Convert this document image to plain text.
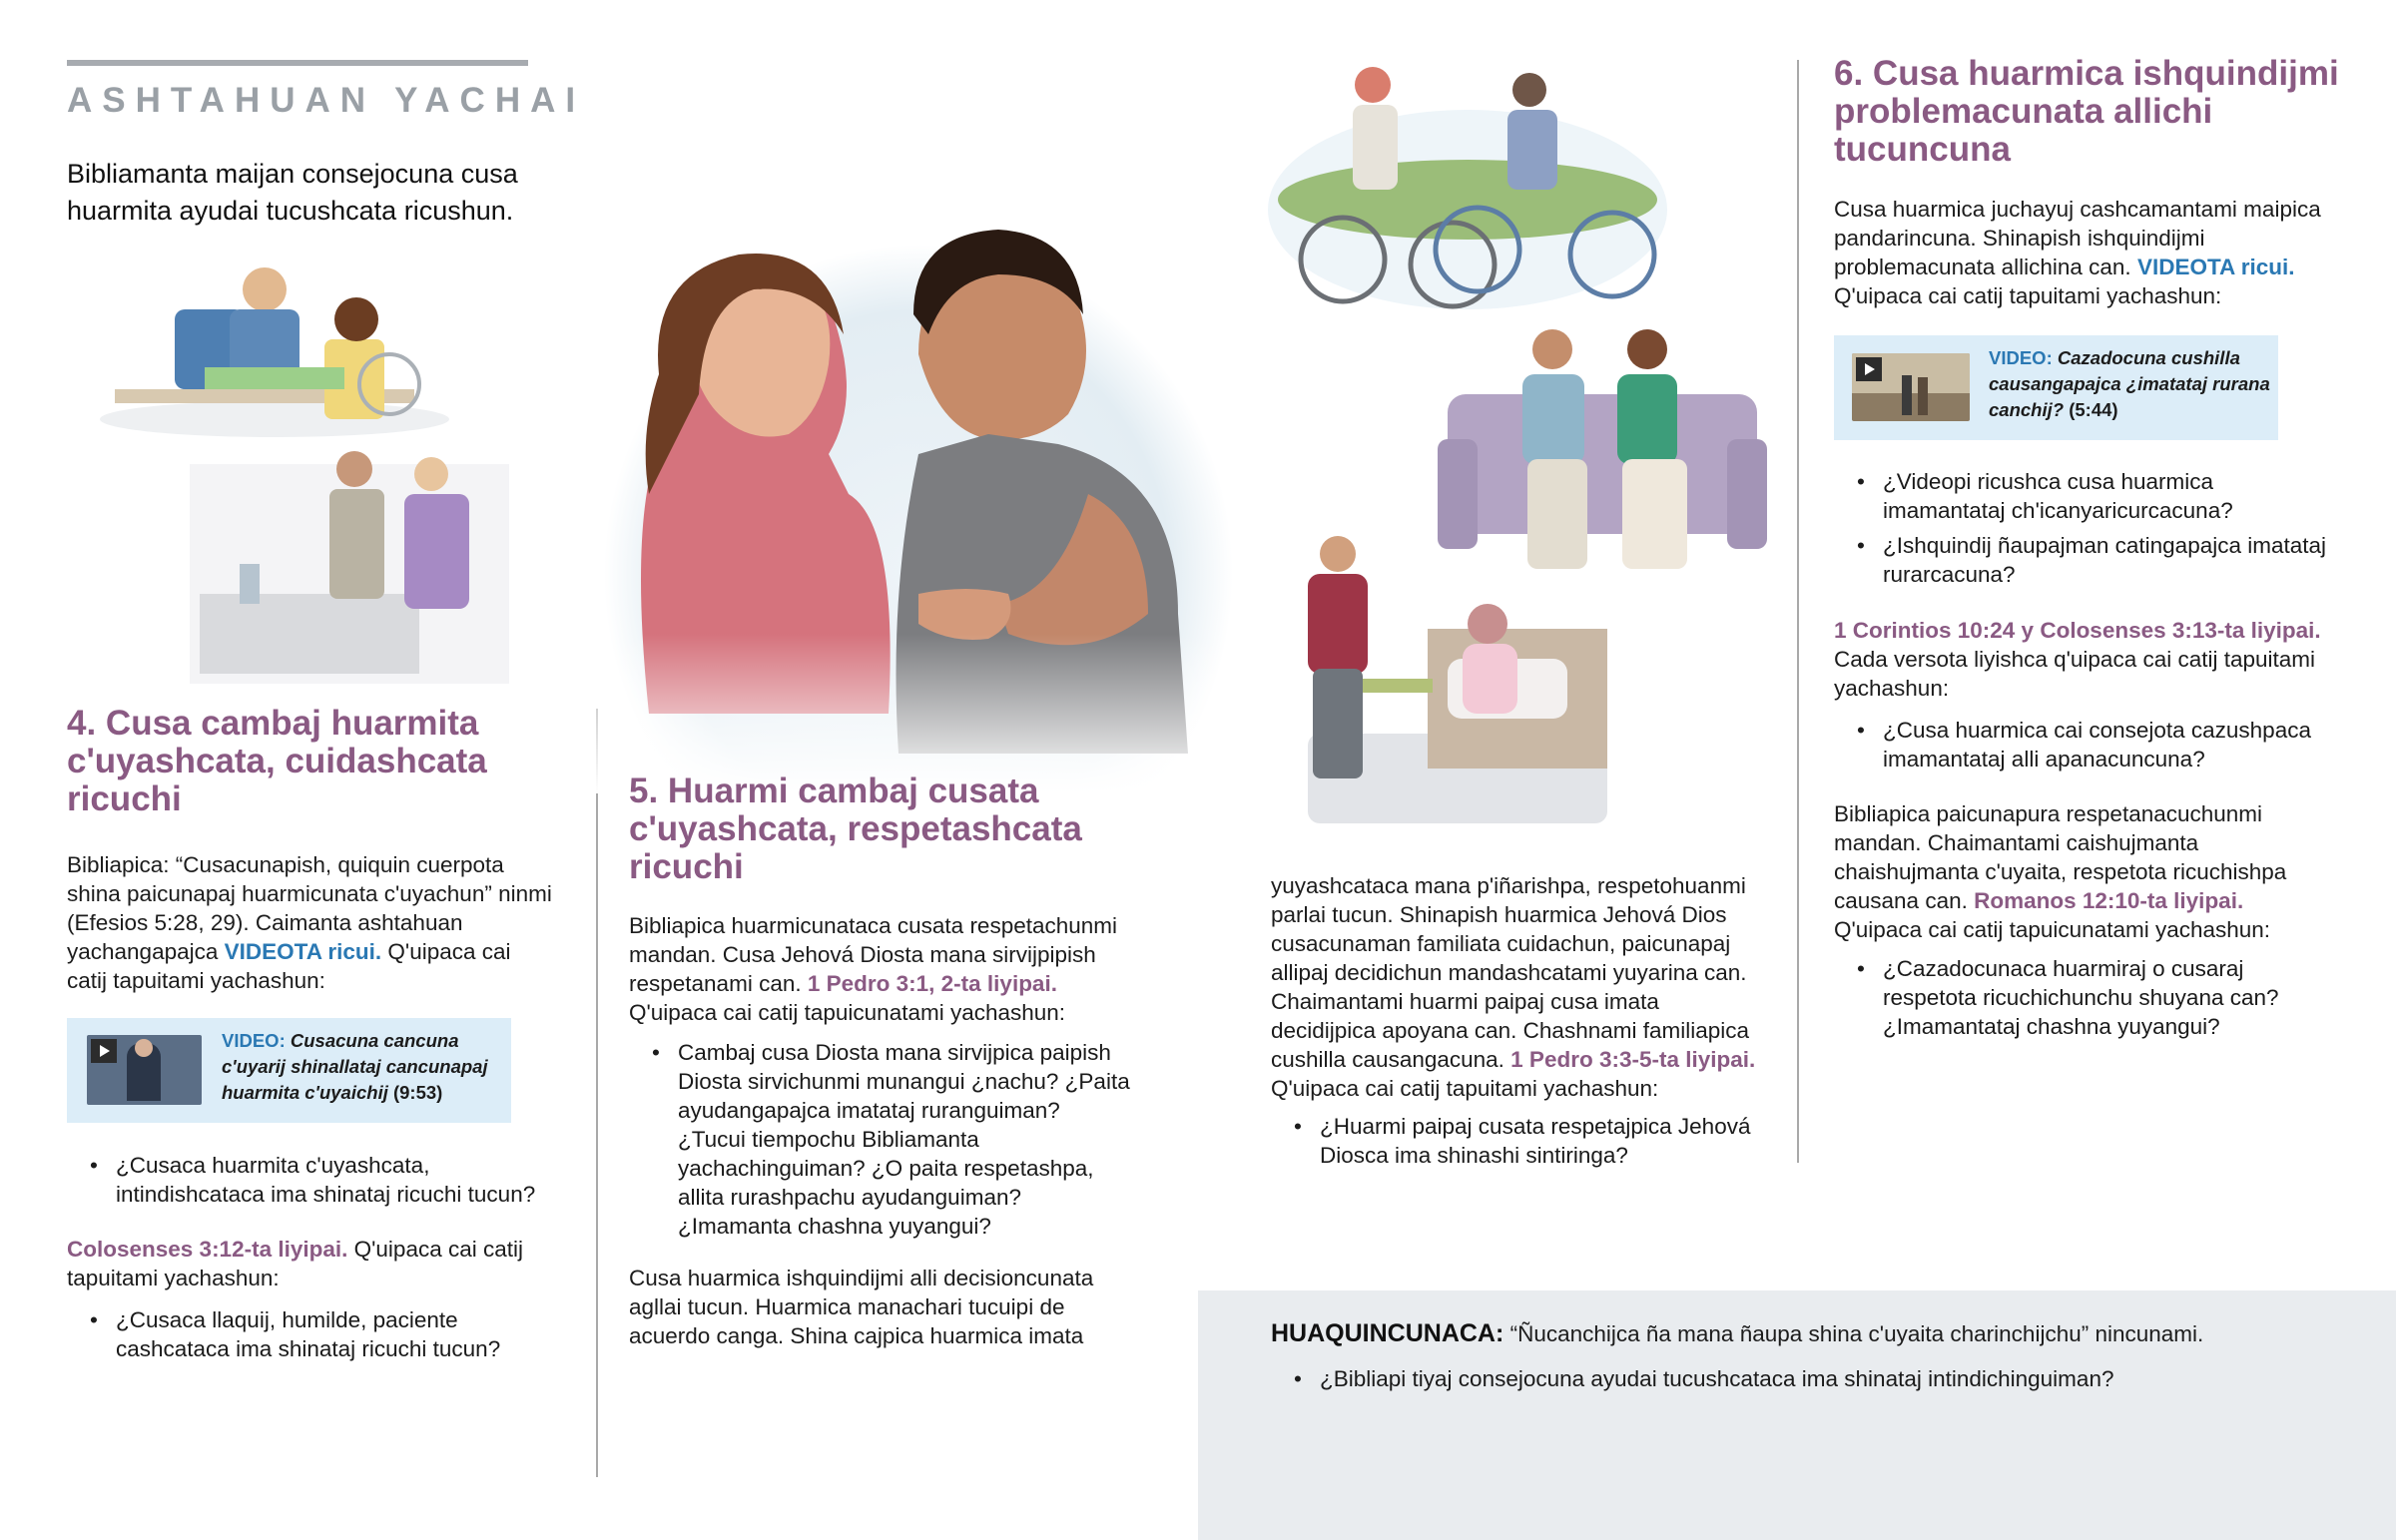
ASHTAHUAN YACHAI
Bibliamanta maijan consejocuna cusa huarmita ayudai tucushcata ricushun.
4. Cusa cambaj huarmita c'uyashcata, cuidashcata ricuchi
Bibliapica: “Cusacunapish, quiquin cuerpota shina paicunapaj huarmicunata c'uyachun” ninmi (Efesios 5:28, 29). Caimanta ashtahuan yachangapajca VIDEOTA ricui. Q'uipaca cai catij tapuitami yachashun:
VIDEO: Cusacuna cancuna c'uyarij shinallataj cancunapaj huarmita c'uyaichij (9:53)
• ¿Cusaca huarmita c'uyashcata, intindishcataca ima shinataj ricuchi tucun?
Colosenses 3:12-ta liyipai. Q'uipaca cai catij tapuitami yachashun:
• ¿Cusaca llaquij, humilde, paciente cashcataca ima shinataj ricuchi tucun?
5. Huarmi cambaj cusata c'uyashcata, respetashcata ricuchi
Bibliapica huarmicunataca cusata respetachunmi mandan. Cusa Jehová Diosta mana sirvijpipish respetanami can. 1 Pedro 3:1, 2-ta liyipai. Q'uipaca cai catij tapuicunatami yachashun:
• Cambaj cusa Diosta mana sirvijpica paipish Diosta sirvichunmi munangui ¿nachu? ¿Paita ayudangapajca imatataj ruranguiman? ¿Tucui tiempochu Bibliamanta yachachinguiman? ¿O paita respetashpa, allita rurashpachu ayudanguiman? ¿Imamanta chashna yuyangui?
Cusa huarmica ishquindijmi alli decisioncunata agllai tucun. Huarmica manachari tucuipi de acuerdo canga. Shina cajpica huarmica imata
yuyashcataca mana p'iñarishpa, respetohuanmi parlai tucun. Shinapish huarmica Jehová Dios cusacunaman familiata cuidachun, paicunapaj allipaj decidichun mandashcatami yuyarina can. Chaimantami huarmi paipaj cusa imata decidijpica apoyana can. Chashnami familiapica cushilla causangacuna. 1 Pedro 3:3-5-ta liyipai. Q'uipaca cai catij tapuitami yachashun:
• ¿Huarmi paipaj cusata respetajpica Jehová Diosca ima shinashi sintiringa?
6. Cusa huarmica ishquindijmi problemacunata allichi tucuncuna
Cusa huarmica juchayuj cashcamantami maipica pandarincuna. Shinapish ishquindijmi problemacunata allichina can. VIDEOTA ricui. Q'uipaca cai catij tapuitami yachashun:
VIDEO: Cazadocuna cushilla causangapajca ¿imatataj rurana canchij? (5:44)
• ¿Videopi ricushca cusa huarmica imamantataj ch'icanyaricurcacuna?
• ¿Ishquindij ñaupajman catingapajca imatataj rurarcacuna?
1 Corintios 10:24 y Colosenses 3:13-ta liyipai.
Cada versota liyishca q'uipaca cai catij tapuitami yachashun:
• ¿Cusa huarmica cai consejota cazushpaca imamantataj alli apanacuncuna?
Bibliapica paicunapura respetanacuchunmi mandan. Chaimantami caishujmanta chaishujmanta c'uyaita, respetota ricuchishpa causana can. Romanos 12:10-ta liyipai.
Q'uipaca cai catij tapuicunatami yachashun:
• ¿Cazadocunaca huarmiraj o cusaraj respetota ricuchichunchu shuyana can? ¿Imamantataj chashna yuyangui?
HUAQUINCUNACA: “Ñucanchijca ña mana ñaupa shina c'uyaita charinchijchu” nincunami.
• ¿Bibliapi tiyaj consejocuna ayudai tucushcataca ima shinataj intindichinguiman?
